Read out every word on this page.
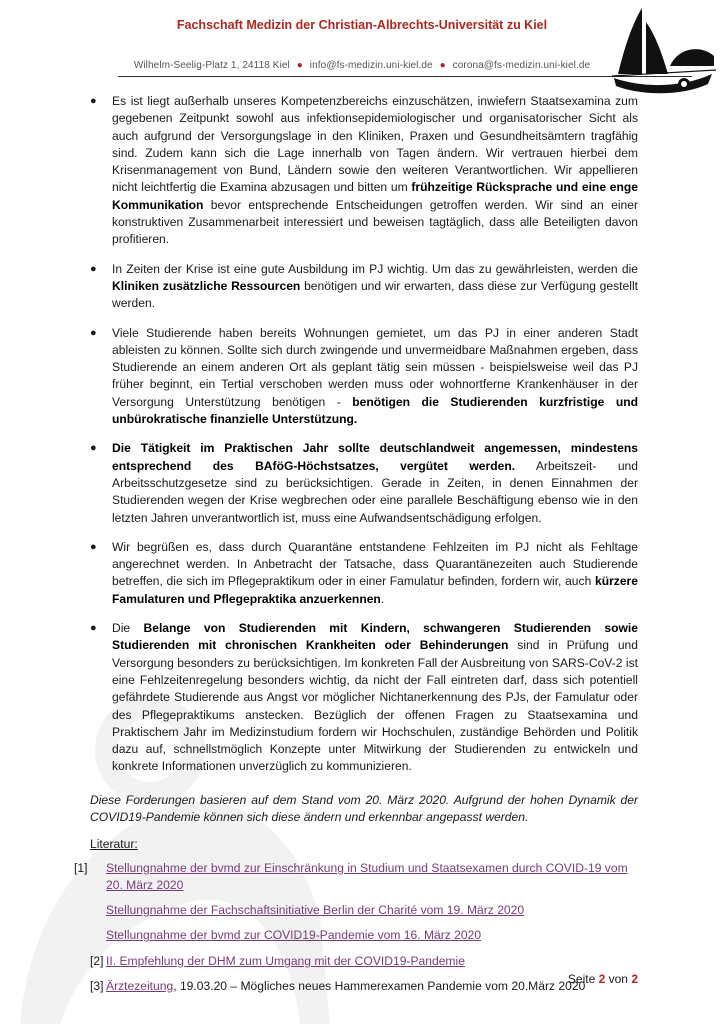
Fachschaft Medizin der Christian-Albrechts-Universität zu Kiel
Wilhelm-Seelig-Platz 1, 24118 Kiel ● info@fs-medizin.uni-kiel.de ● corona@fs-medizin.uni-kiel.de
● Es ist liegt außerhalb unseres Kompetenzbereichs einzuschätzen, inwiefern Staatsexamina zum gegebenen Zeitpunkt sowohl aus infektionsepidemiologischer und organisatorischer Sicht als auch aufgrund der Versorgungslage in den Kliniken, Praxen und Gesundheitsämtern tragfähig sind. Zudem kann sich die Lage innerhalb von Tagen ändern. Wir vertrauen hierbei dem Krisenmanagement von Bund, Ländern sowie den weiteren Verantwortlichen. Wir appellieren nicht leichtfertig die Examina abzusagen und bitten um frühzeitige Rücksprache und eine enge Kommunikation bevor entsprechende Entscheidungen getroffen werden. Wir sind an einer konstruktiven Zusammenarbeit interessiert und beweisen tagtäglich, dass alle Beteiligten davon profitieren.
● In Zeiten der Krise ist eine gute Ausbildung im PJ wichtig. Um das zu gewährleisten, werden die Kliniken zusätzliche Ressourcen benötigen und wir erwarten, dass diese zur Verfügung gestellt werden.
● Viele Studierende haben bereits Wohnungen gemietet, um das PJ in einer anderen Stadt ableisten zu können. Sollte sich durch zwingende und unvermeidbare Maßnahmen ergeben, dass Studierende an einem anderen Ort als geplant tätig sein müssen - beispielsweise weil das PJ früher beginnt, ein Tertial verschoben werden muss oder wohnortferne Krankenhäuser in der Versorgung Unterstützung benötigen - benötigen die Studierenden kurzfristige und unbürokratische finanzielle Unterstützung.
● Die Tätigkeit im Praktischen Jahr sollte deutschlandweit angemessen, mindestens entsprechend des BAföG-Höchstsatzes, vergütet werden. Arbeitszeit- und Arbeitsschutzgesetze sind zu berücksichtigen. Gerade in Zeiten, in denen Einnahmen der Studierenden wegen der Krise wegbrechen oder eine parallele Beschäftigung ebenso wie in den letzten Jahren unverantwortlich ist, muss eine Aufwandsentschädigung erfolgen.
● Wir begrüßen es, dass durch Quarantäne entstandene Fehlzeiten im PJ nicht als Fehltage angerechnet werden. In Anbetracht der Tatsache, dass Quarantänezeiten auch Studierende betreffen, die sich im Pflegepraktikum oder in einer Famulatur befinden, fordern wir, auch kürzere Famulaturen und Pflegepraktika anzuerkennen.
● Die Belange von Studierenden mit Kindern, schwangeren Studierenden sowie Studierenden mit chronischen Krankheiten oder Behinderungen sind in Prüfung und Versorgung besonders zu berücksichtigen. Im konkreten Fall der Ausbreitung von SARS-CoV-2 ist eine Fehlzeitenregelung besonders wichtig, da nicht der Fall eintreten darf, dass sich potentiell gefährdete Studierende aus Angst vor möglicher Nichtanerkennung des PJs, der Famulatur oder des Pflegepraktikums anstecken. Bezüglich der offenen Fragen zu Staatsexamina und Praktischem Jahr im Medizinstudium fordern wir Hochschulen, zuständige Behörden und Politik dazu auf, schnellstmöglich Konzepte unter Mitwirkung der Studierenden zu entwickeln und konkrete Informationen unverzüglich zu kommunizieren.
Diese Forderungen basieren auf dem Stand vom 20. März 2020. Aufgrund der hohen Dynamik der COVID19-Pandemie können sich diese ändern und erkennbar angepasst werden.
Literatur:
[1] Stellungnahme der bvmd zur Einschränkung in Studium und Staatsexamen durch COVID-19 vom 20. März 2020
Stellungnahme der Fachschaftsinitiative Berlin der Charité vom 19. März 2020
Stellungnahme der bvmd zur COVID19-Pandemie vom 16. März 2020
[2] II. Empfehlung der DHM zum Umgang mit der COVID19-Pandemie
[3] Ärztezeitung, 19.03.20 – Mögliches neues Hammerexamen Pandemie vom 20.März 2020
Seite 2 von 2
